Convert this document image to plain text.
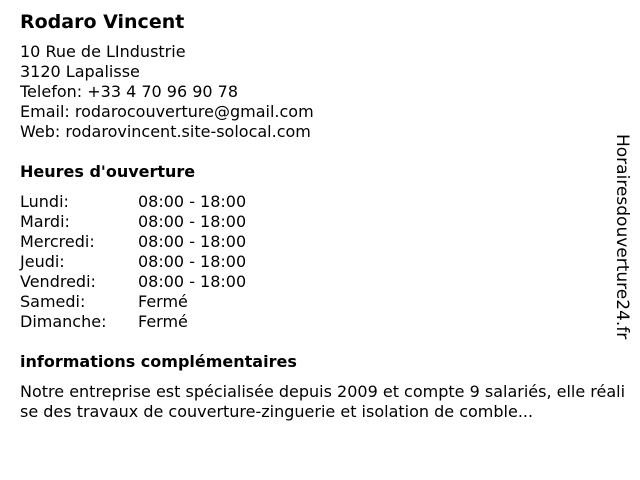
Rodaro Vincent
10 Rue de LIndustrie
3120 Lapalisse
Telefon: +33 4 70 96 90 78
Email: rodarocouverture@gmail.com
Web: rodarovincent.site-solocal.com
Heures d'ouverture
Lundi:	08:00 - 18:00
Mardi:	08:00 - 18:00
Mercredi:	08:00 - 18:00
Jeudi:	08:00 - 18:00
Vendredi:	08:00 - 18:00
Samedi:	Fermé
Dimanche:	Fermé
informations complémentaires
Notre entreprise est spécialisée depuis 2009 et compte 9 salariés, elle réalise des travaux de couverture-zinguerie et isolation de comble...
Horairesdouverture24.fr
